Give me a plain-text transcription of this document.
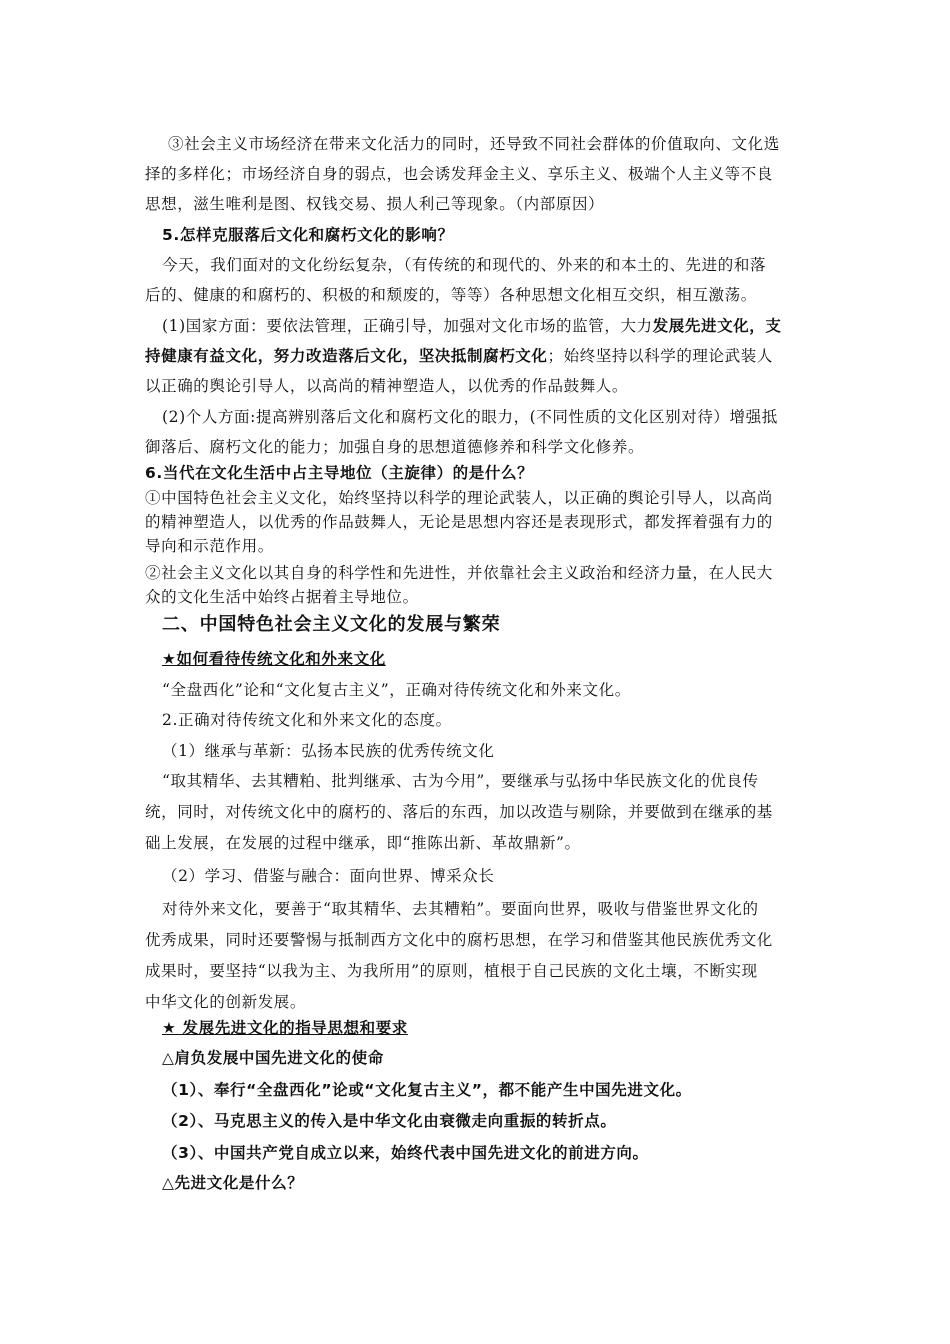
③社会主义市场经济在带来文化活力的同时，还导致不同社会群体的价值取向、文化选
择的多样化；市场经济自身的弱点，也会诱发拜金主义、享乐主义、极端个人主义等不良
思想，滋生唯利是图、权钱交易、损人利己等现象。（内部原因）
5.怎样克服落后文化和腐朽文化的影响？
今天，我们面对的文化纷纭复杂，（有传统的和现代的、外来的和本土的、先进的和落
后的、健康的和腐朽的、积极的和颓废的，等等）各种思想文化相互交织，相互激荡。
(1)国家方面：要依法管理，正确引导，加强对文化市场的监管，大力发展先进文化，支
持健康有益文化，努力改造落后文化，坚决抵制腐朽文化；始终坚持以科学的理论武装人
以正确的舆论引导人，以高尚的精神塑造人，以优秀的作品鼓舞人。
(2)个人方面:提高辨别落后文化和腐朽文化的眼力，(不同性质的文化区别对待）增强抵
御落后、腐朽文化的能力；加强自身的思想道德修养和科学文化修养。
6.当代在文化生活中占主导地位（主旋律）的是什么？
①中国特色社会主义文化，始终坚持以科学的理论武装人，以正确的舆论引导人，以高尚
的精神塑造人，以优秀的作品鼓舞人，无论是思想内容还是表现形式，都发挥着强有力的
导向和示范作用。
②社会主义文化以其自身的科学性和先进性，并依靠社会主义政治和经济力量，在人民大
众的文化生活中始终占据着主导地位。
二、中国特色社会主义文化的发展与繁荣
★如何看待传统文化和外来文化
“全盘西化”论和“文化复古主义”，正确对待传统文化和外来文化。
2.正确对待传统文化和外来文化的态度。
（1）继承与革新：弘扬本民族的优秀传统文化
“取其精华、去其糟粕、批判继承、古为今用”，要继承与弘扬中华民族文化的优良传
统，同时，对传统文化中的腐朽的、落后的东西，加以改造与剔除，并要做到在继承的基
础上发展，在发展的过程中继承，即“推陈出新、革故鼎新”。
（2）学习、借鉴与融合：面向世界、博采众长
对待外来文化，要善于“取其精华、去其糟粕”。要面向世界，吸收与借鉴世界文化的
优秀成果，同时还要警惕与抵制西方文化中的腐朽思想，在学习和借鉴其他民族优秀文化
成果时，要坚持“以我为主、为我所用”的原则，植根于自己民族的文化土壤，不断实现
中华文化的创新发展。
★ 发展先进文化的指导思想和要求
△肩负发展中国先进文化的使命
（1）、奉行“全盘西化”论或“文化复古主义”，都不能产生中国先进文化。
（2）、马克思主义的传入是中华文化由衰微走向重振的转折点。
（3）、中国共产党自成立以来，始终代表中国先进文化的前进方向。
△先进文化是什么？
